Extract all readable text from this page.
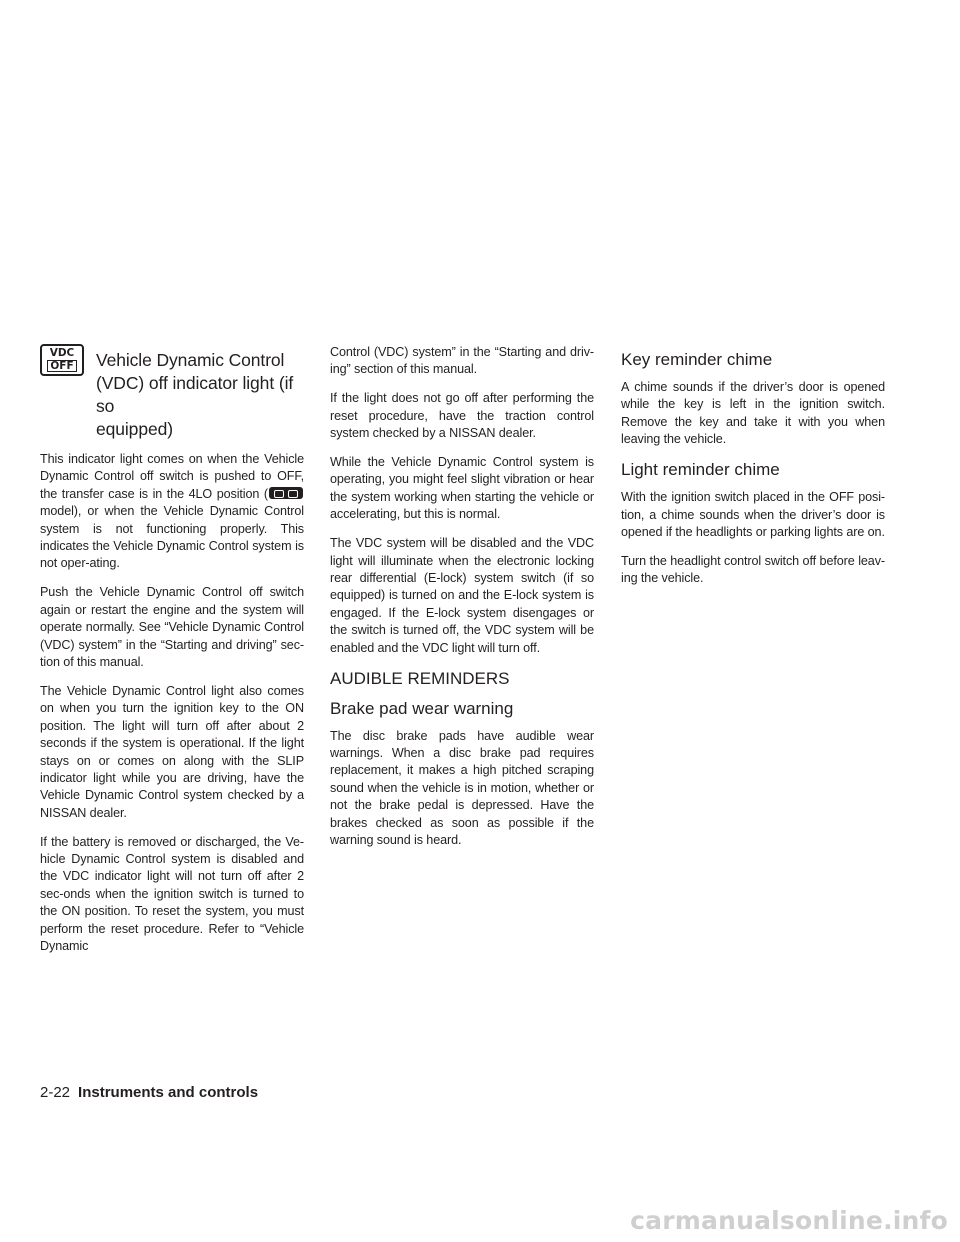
VDC
OFF Vehicle Dynamic Control
(VDC) off indicator light (if so
equipped)

This indicator light comes on when the Vehicle Dynamic Control off switch is pushed to OFF, the transfer case is in the 4LO position (model), or when the Vehicle Dynamic Control system is not functioning properly. This indicates the Vehicle Dynamic Control system is not oper-ating.

Push the Vehicle Dynamic Control off switch again or restart the engine and the system will operate normally. See “Vehicle Dynamic Control (VDC) system” in the “Starting and driving” sec-tion of this manual.

The Vehicle Dynamic Control light also comes on when you turn the ignition key to the ON position. The light will turn off after about 2 seconds if the system is operational. If the light stays on or comes on along with the SLIP indicator light while you are driving, have the Vehicle Dynamic Control system checked by a NISSAN dealer.

If the battery is removed or discharged, the Ve-hicle Dynamic Control system is disabled and the VDC indicator light will not turn off after 2 sec-onds when the ignition switch is turned to the ON position. To reset the system, you must perform the reset procedure. Refer to “Vehicle Dynamic

Control (VDC) system” in the “Starting and driv-ing” section of this manual.

If the light does not go off after performing the reset procedure, have the traction control system checked by a NISSAN dealer.

While the Vehicle Dynamic Control system is operating, you might feel slight vibration or hear the system working when starting the vehicle or accelerating, but this is normal.

The VDC system will be disabled and the VDC light will illuminate when the electronic locking rear differential (E-lock) system switch (if so equipped) is turned on and the E-lock system is engaged. If the E-lock system disengages or the switch is turned off, the VDC system will be enabled and the VDC light will turn off.

AUDIBLE REMINDERS
Brake pad wear warning

The disc brake pads have audible wear warnings. When a disc brake pad requires replacement, it makes a high pitched scraping sound when the vehicle is in motion, whether or not the brake pedal is depressed. Have the brakes checked as soon as possible if the warning sound is heard.

Key reminder chime

A chime sounds if the driver’s door is opened while the key is left in the ignition switch. Remove the key and take it with you when leaving the vehicle.

Light reminder chime

With the ignition switch placed in the OFF posi-tion, a chime sounds when the driver’s door is opened if the headlights or parking lights are on.

Turn the headlight control switch off before leav-ing the vehicle.

2-22 Instruments and controls
carmanualsonline.info
